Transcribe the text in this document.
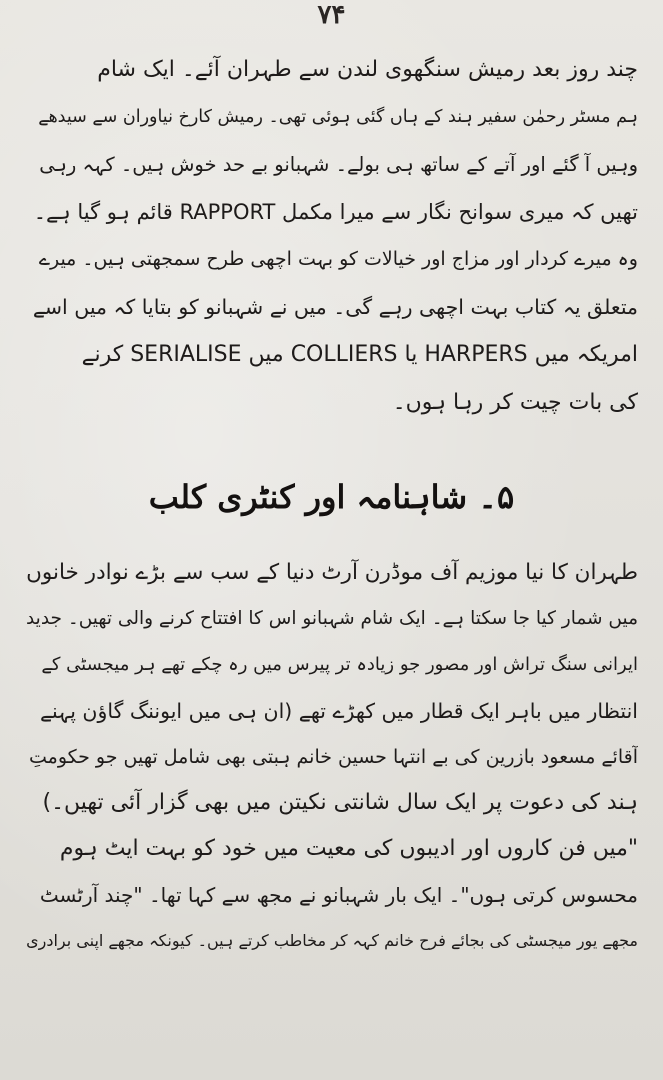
۷۴
چند روز بعد رمیش سنگھوی لندن سے طہران آئے۔ ایک شام
ہم مسٹر رحمٰن سفیر ہند کے ہاں گئی ہوئی تھی۔ رمیش کارخ نیاوران سے سیدھے
وہیں آ گئے اور آتے کے ساتھ ہی بولے۔ شہبانو بے حد خوش ہیں۔ کہہ رہی
تھیں کہ میری سوانح نگار سے میرا مکمل RAPPORT قائم ہو گیا ہے۔
وہ میرے کردار اور مزاج اور خیالات کو بہت اچھی طرح سمجھتی ہیں۔ میرے
متعلق یہ کتاب بہت اچھی رہے گی۔ میں نے شہبانو کو بتایا کہ میں اسے
امریکہ میں HARPERS یا COLLIERS میں SERIALISE کرنے
کی بات چیت کر رہا ہوں۔
۵۔ شاہنامہ اور کنٹری کلب
طہران کا نیا موزیم آف موڈرن آرٹ دنیا کے سب سے بڑے نوادر خانوں
میں شمار کیا جا سکتا ہے۔ ایک شام شہبانو اس کا افتتاح کرنے والی تھیں۔ جدید
ایرانی سنگ تراش اور مصور جو زیادہ تر پیرس میں رہ چکے تھے ہر میجسٹی کے
انتظار میں باہر ایک قطار میں کھڑے تھے (ان ہی میں ایوننگ گاؤن پہنے
آقائے مسعود بازرین کی بے انتہا حسین خانم ہبتی بھی شامل تھیں جو حکومتِ
ہند کی دعوت پر ایک سال شانتی نکیتن میں بھی گزار آئی تھیں۔)
"میں فن کاروں اور ادیبوں کی معیت میں خود کو بہت ایٹ ہوم
محسوس کرتی ہوں"۔ ایک بار شہبانو نے مجھ سے کہا تھا۔ "چند آرٹسٹ
مجھے یور میجسٹی کی بجائے فرح خانم کہہ کر مخاطب کرتے ہیں۔ کیونکہ مجھے اپنی برادری
